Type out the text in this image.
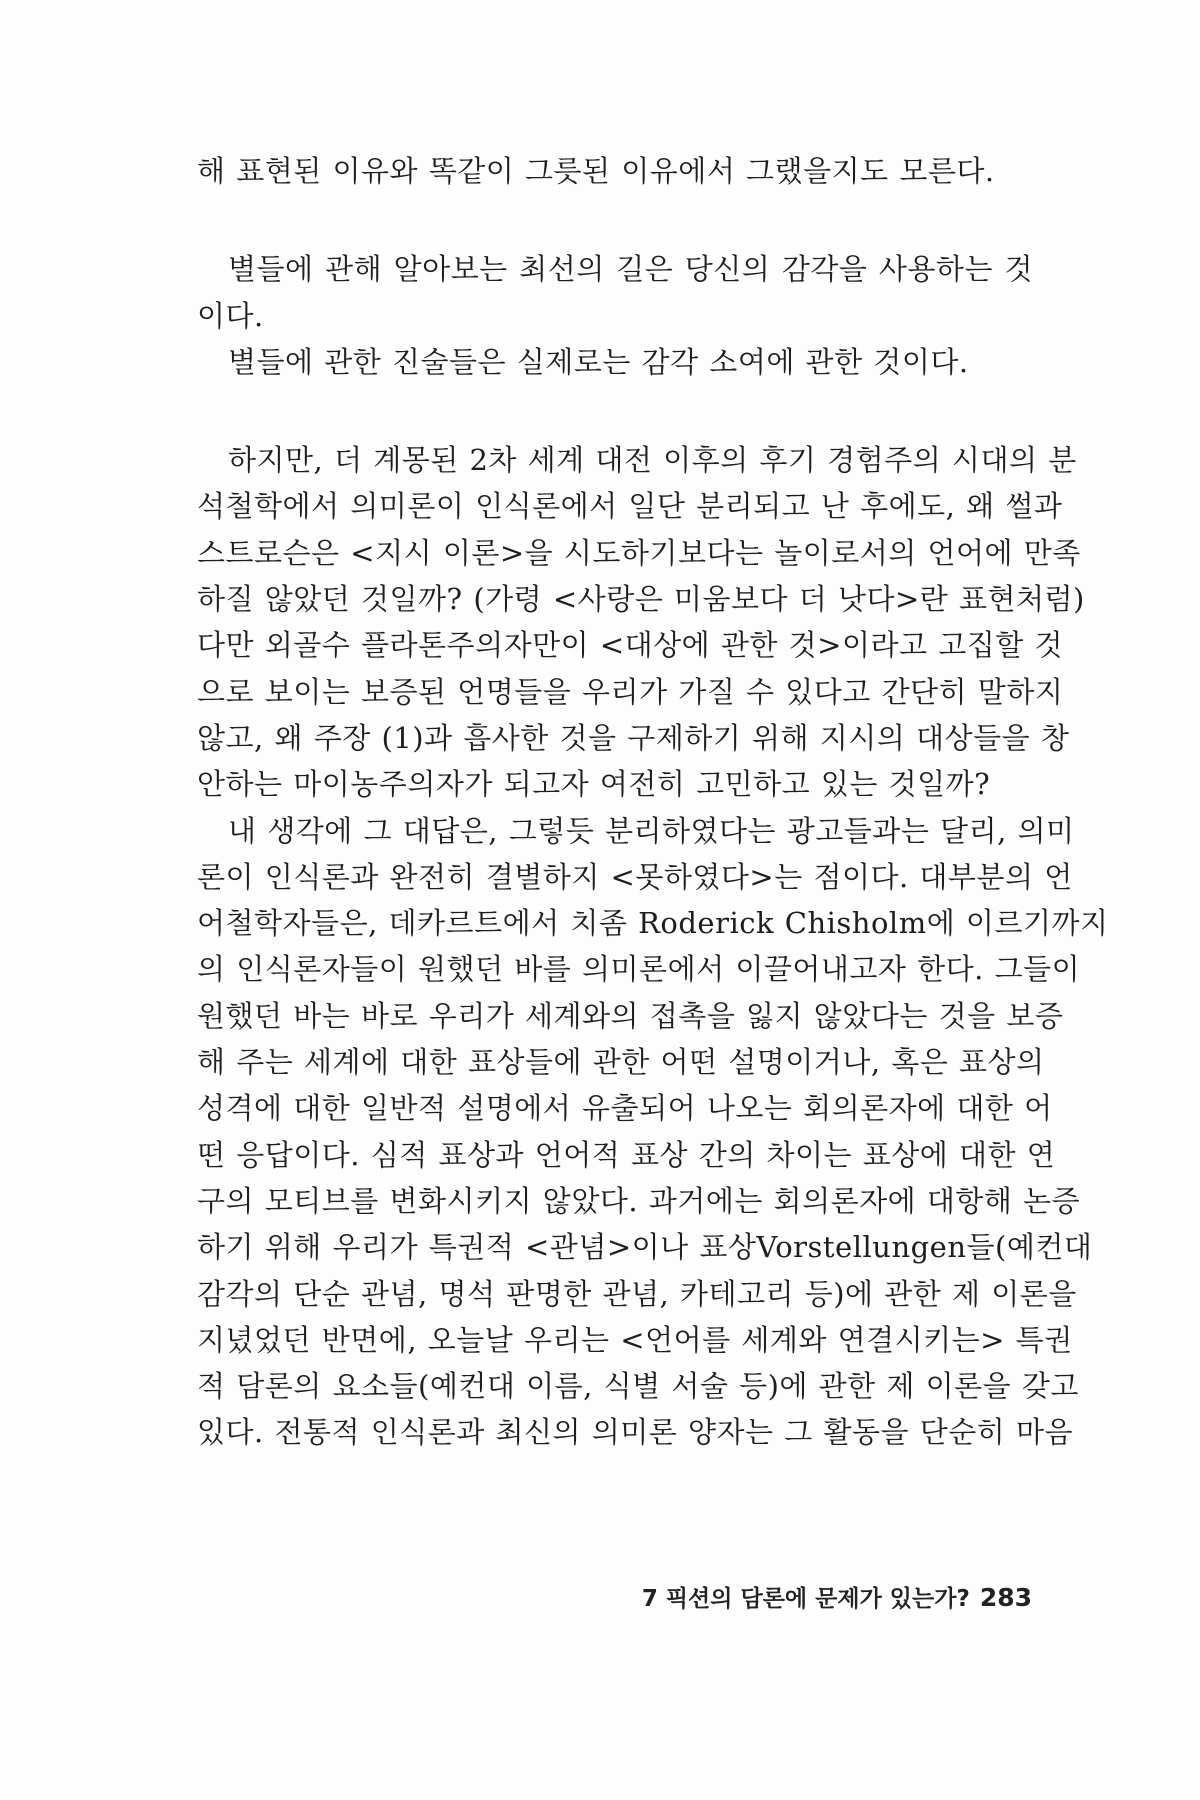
해 표현된 이유와 똑같이 그릇된 이유에서 그랬을지도 모른다.

별들에 관해 알아보는 최선의 길은 당신의 감각을 사용하는 것
이다.

별들에 관한 진술들은 실제로는 감각 소여에 관한 것이다.

하지만, 더 계몽된 2차 세계 대전 이후의 후기 경험주의 시대의 분
석철학에서 의미론이 인식론에서 일단 분리되고 난 후에도, 왜 썰과
스트로슨은 <지시 이론>을 시도하기보다는 놀이로서의 언어에 만족
하질 않았던 것일까? (가령 <사랑은 미움보다 더 낫다>란 표현처럼)
다만 외골수 플라톤주의자만이 <대상에 관한 것>이라고 고집할 것
으로 보이는 보증된 언명들을 우리가 가질 수 있다고 간단히 말하지
않고, 왜 주장 (1)과 흡사한 것을 구제하기 위해 지시의 대상들을 창
안하는 마이농주의자가 되고자 여전히 고민하고 있는 것일까?

내 생각에 그 대답은, 그렇듯 분리하였다는 광고들과는 달리, 의미
론이 인식론과 완전히 결별하지 <못하였다>는 점이다. 대부분의 언
어철학자들은, 데카르트에서 치좀 Roderick Chisholm에 이르기까지
의 인식론자들이 원했던 바를 의미론에서 이끌어내고자 한다. 그들이
원했던 바는 바로 우리가 세계와의 접촉을 잃지 않았다는 것을 보증
해 주는 세계에 대한 표상들에 관한 어떤 설명이거나, 혹은 표상의
성격에 대한 일반적 설명에서 유출되어 나오는 회의론자에 대한 어
떤 응답이다. 심적 표상과 언어적 표상 간의 차이는 표상에 대한 연
구의 모티브를 변화시키지 않았다. 과거에는 회의론자에 대항해 논증
하기 위해 우리가 특권적 <관념>이나 표상Vorstellungen들(예컨대
감각의 단순 관념, 명석 판명한 관념, 카테고리 등)에 관한 제 이론을
지녔었던 반면에, 오늘날 우리는 <언어를 세계와 연결시키는> 특권
적 담론의 요소들(예컨대 이름, 식별 서술 등)에 관한 제 이론을 갖고
있다. 전통적 인식론과 최신의 의미론 양자는 그 활동을 단순히 마음

7 픽션의 담론에 문제가 있는가? 283
